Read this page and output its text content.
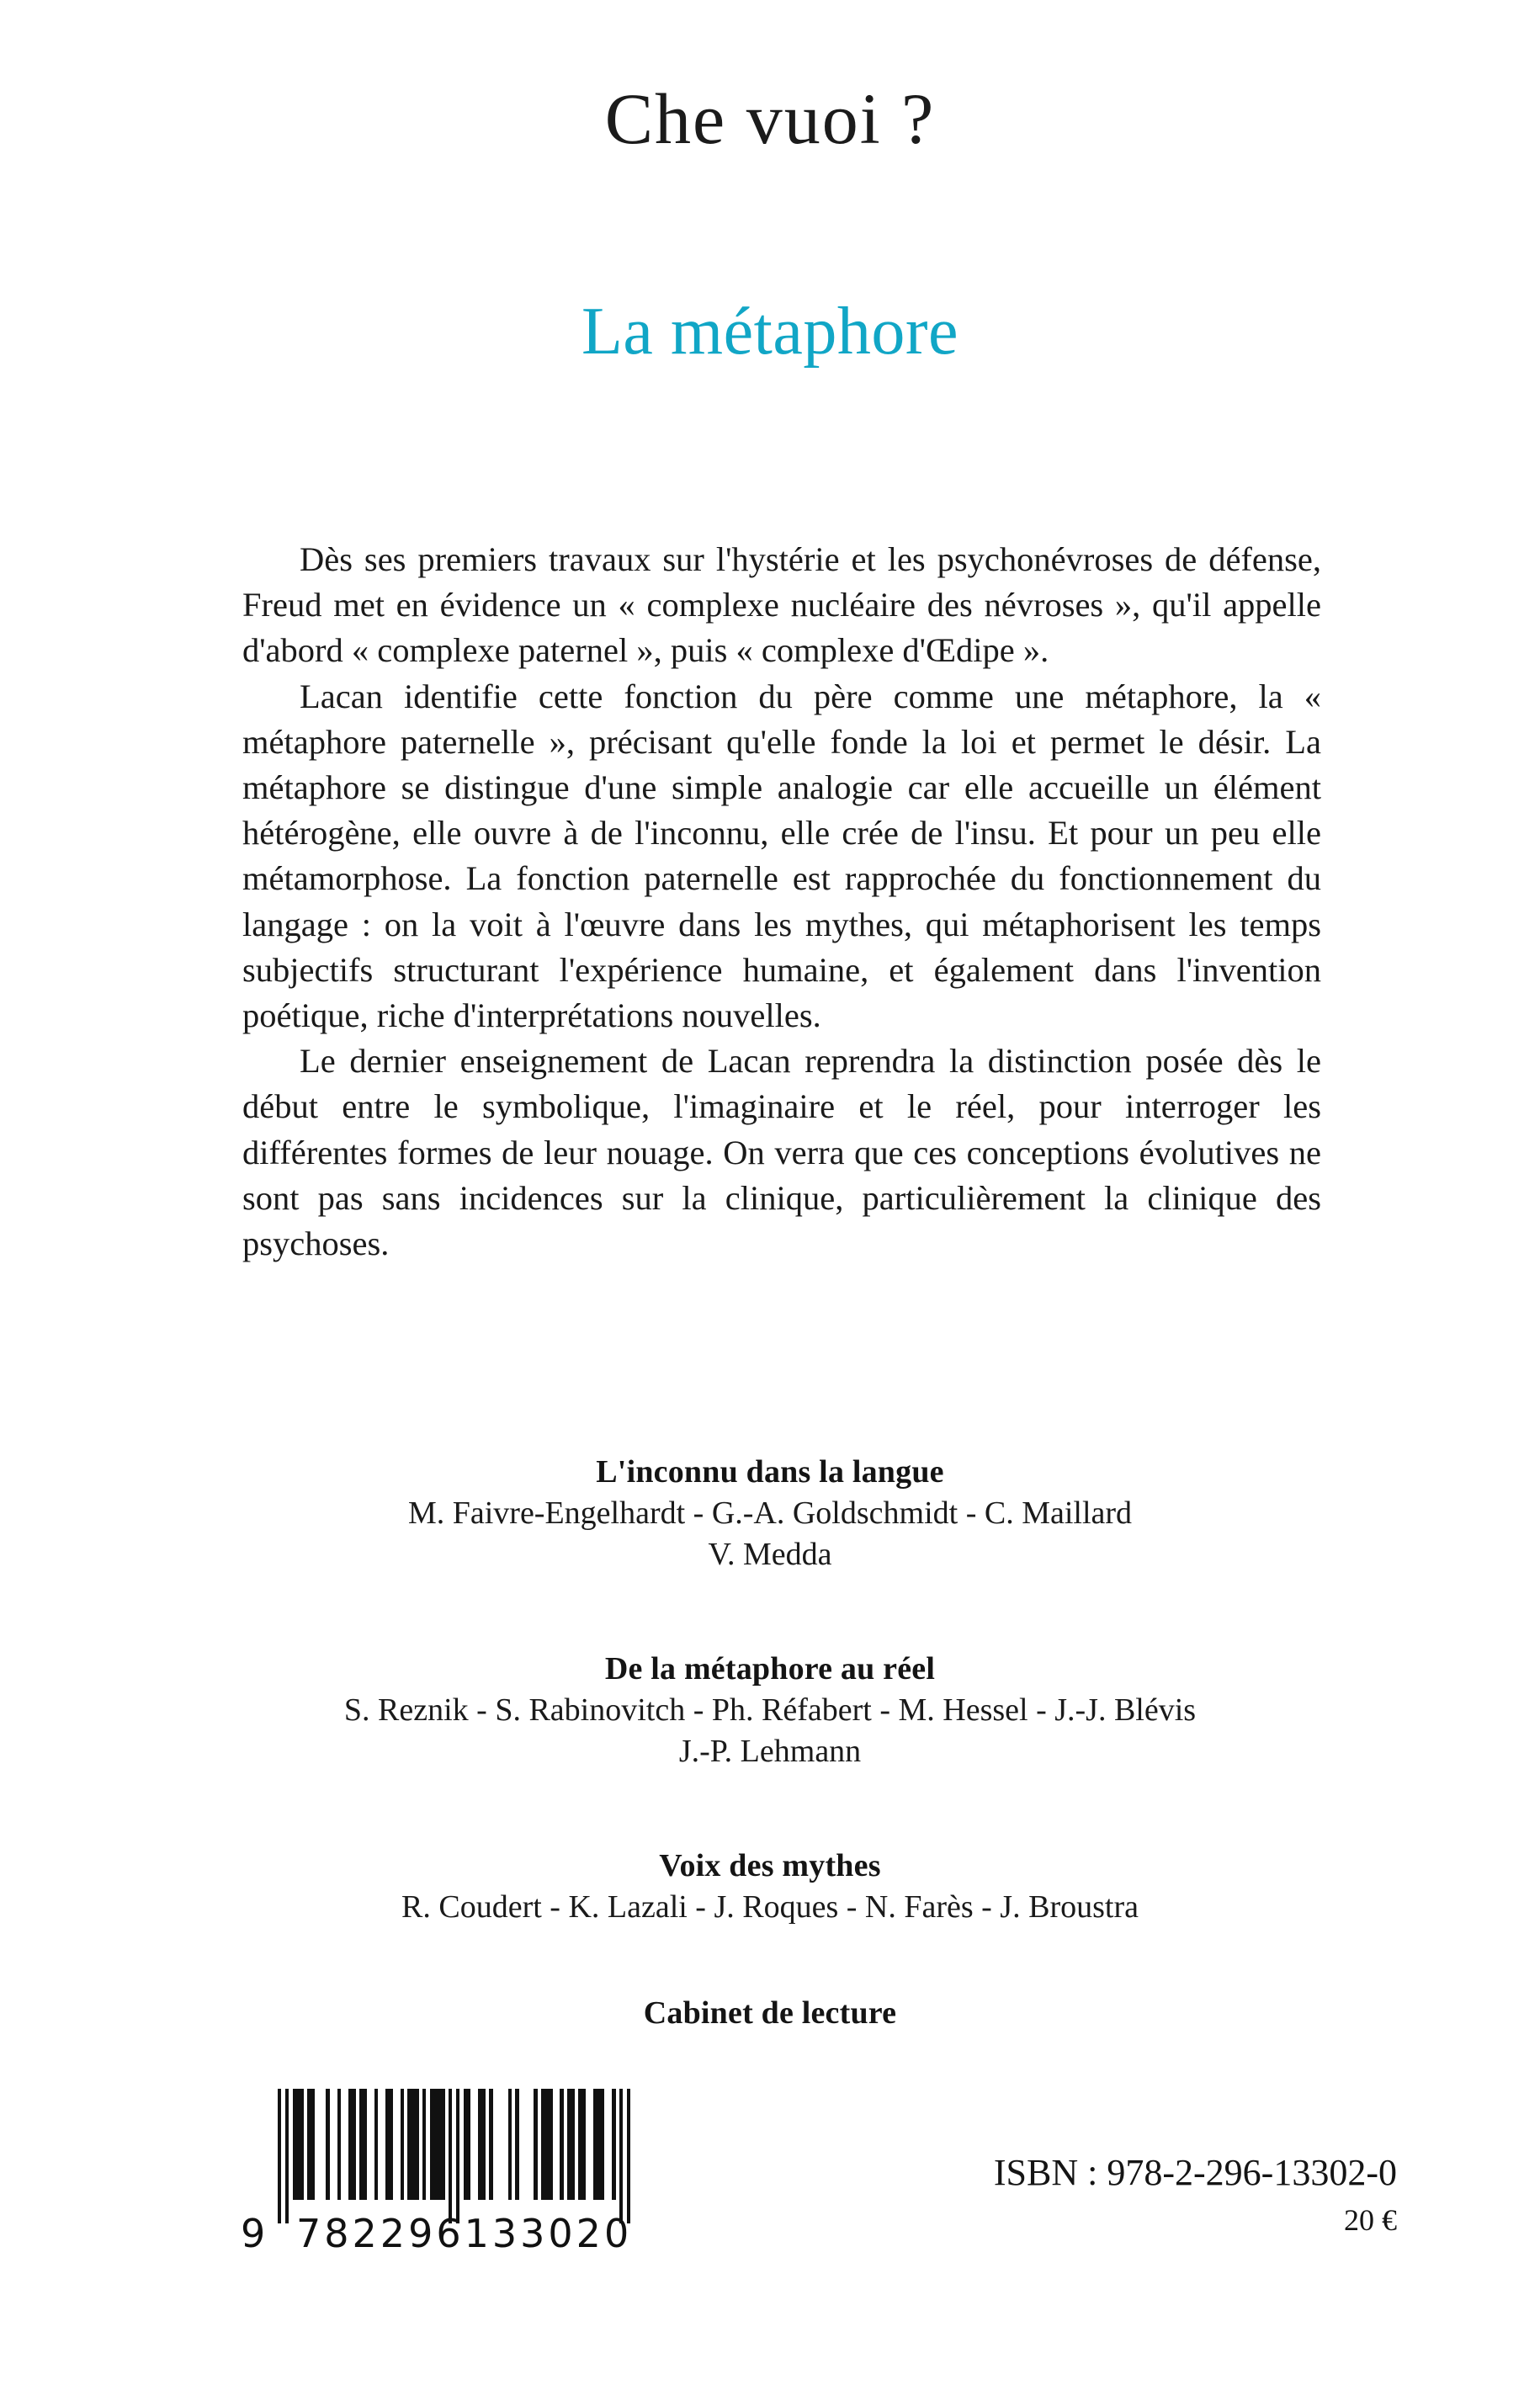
Che vuoi ?
La métaphore

Dès ses premiers travaux sur l'hystérie et les psychonévroses de défense, Freud met en évidence un « complexe nucléaire des névroses », qu'il appelle d'abord « complexe paternel », puis « complexe d'Œdipe ».

Lacan identifie cette fonction du père comme une métaphore, la « métaphore paternelle », précisant qu'elle fonde la loi et permet le désir. La métaphore se distingue d'une simple analogie car elle accueille un élément hétérogène, elle ouvre à de l'inconnu, elle crée de l'insu. Et pour un peu elle métamorphose. La fonction paternelle est rapprochée du fonctionnement du langage : on la voit à l'œuvre dans les mythes, qui métaphorisent les temps subjectifs structurant l'expérience humaine, et également dans l'invention poétique, riche d'interprétations nouvelles.

Le dernier enseignement de Lacan reprendra la distinction posée dès le début entre le symbolique, l'imaginaire et le réel, pour interroger les différentes formes de leur nouage. On verra que ces conceptions évolutives ne sont pas sans incidences sur la clinique, particulièrement la clinique des psychoses.

L'inconnu dans la langue
M. Faivre-Engelhardt - G.-A. Goldschmidt - C. Maillard
V. Medda
De la métaphore au réel
S. Reznik - S. Rabinovitch - Ph. Réfabert - M. Hessel - J.-J. Blévis
J.-P. Lehmann
Voix des mythes
R. Coudert - K. Lazali - J. Roques - N. Farès - J. Broustra
Cabinet de lecture
9 782296 133020
ISBN : 978-2-296-13302-0
20 €
